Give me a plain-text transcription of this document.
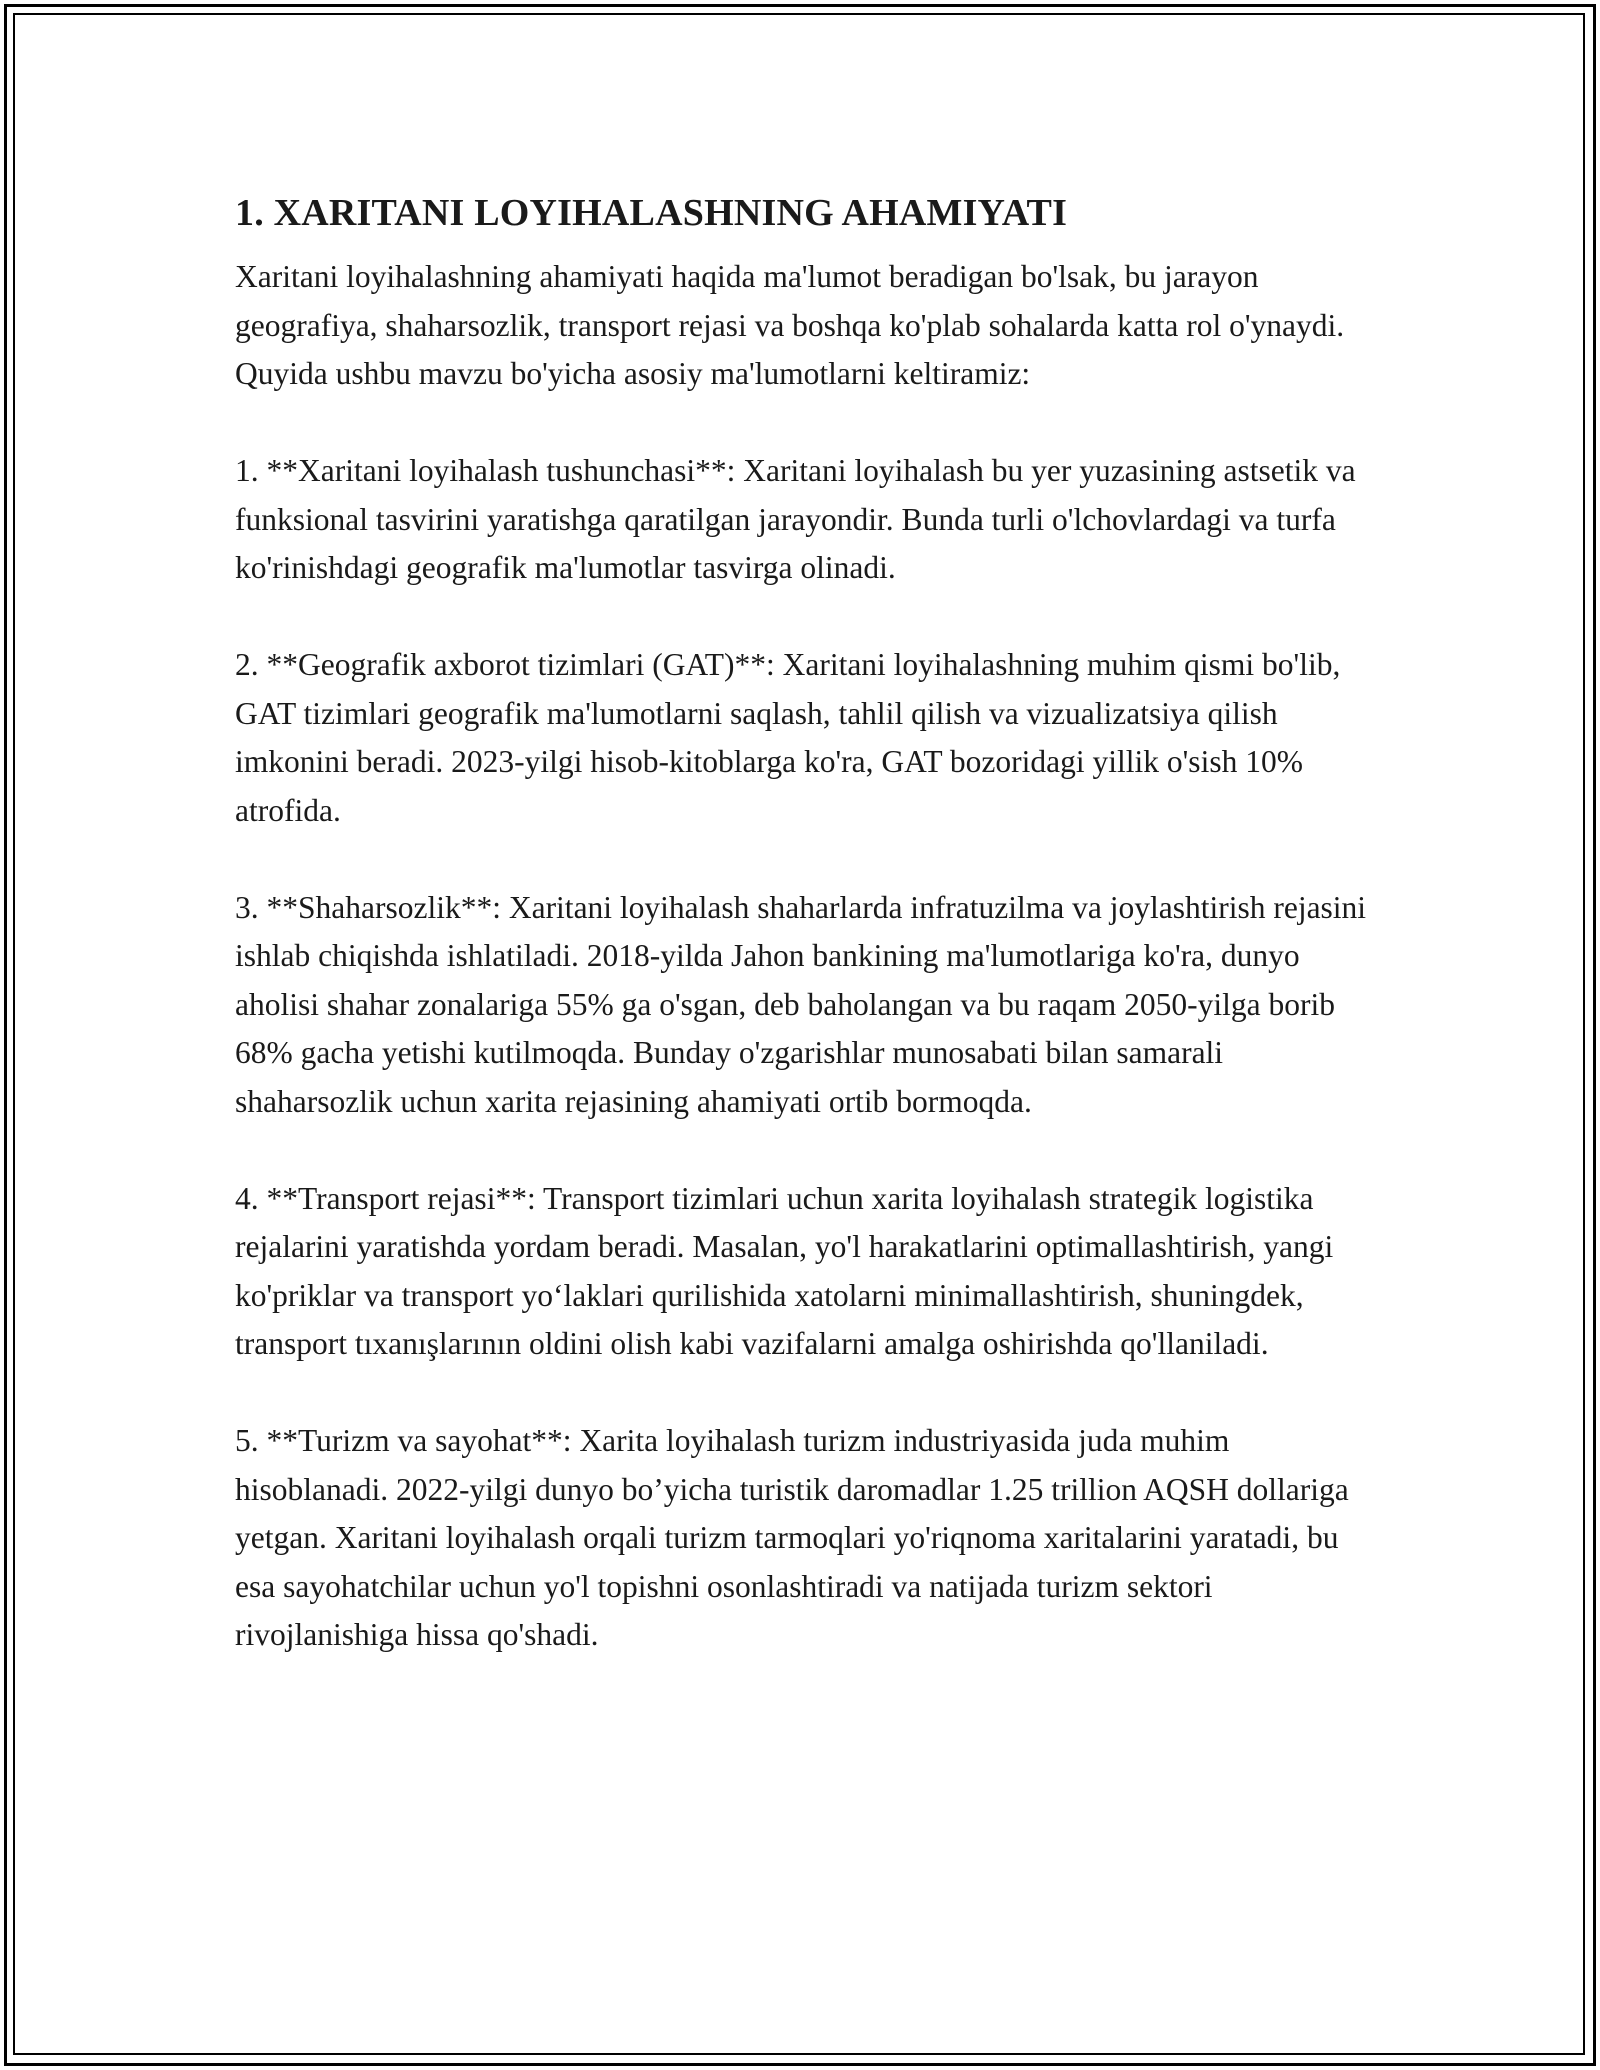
1. XARITANI LOYIHALASHNING AHAMIYATI

Xaritani loyihalashning ahamiyati haqida ma'lumot beradigan bo'lsak, bu jarayon geografiya, shaharsozlik, transport rejasi va boshqa ko'plab sohalarda katta rol o'ynaydi. Quyida ushbu mavzu bo'yicha asosiy ma'lumotlarni keltiramiz:

1. **Xaritani loyihalash tushunchasi**: Xaritani loyihalash bu yer yuzasining astsetik va funksional tasvirini yaratishga qaratilgan jarayondir. Bunda turli o'lchovlardagi va turfa ko'rinishdagi geografik ma'lumotlar tasvirga olinadi.

2. **Geografik axborot tizimlari (GAT)**: Xaritani loyihalashning muhim qismi bo'lib, GAT tizimlari geografik ma'lumotlarni saqlash, tahlil qilish va vizualizatsiya qilish imkonini beradi. 2023-yilgi hisob-kitoblarga ko'ra, GAT bozoridagi yillik o'sish 10% atrofida.

3. **Shaharsozlik**: Xaritani loyihalash shaharlarda infratuzilma va joylashtirish rejasini ishlab chiqishda ishlatiladi. 2018-yilda Jahon bankining ma'lumotlariga ko'ra, dunyo aholisi shahar zonalariga 55% ga o'sgan, deb baholangan va bu raqam 2050-yilga borib 68% gacha yetishi kutilmoqda. Bunday o'zgarishlar munosabati bilan samarali shaharsozlik uchun xarita rejasining ahamiyati ortib bormoqda.

4. **Transport rejasi**: Transport tizimlari uchun xarita loyihalash strategik logistika rejalarini yaratishda yordam beradi. Masalan, yo'l harakatlarini optimallashtirish, yangi ko'priklar va transport yo‘laklari qurilishida xatolarni minimallashtirish, shuningdek, transport tıxanışlarının oldini olish kabi vazifalarni amalga oshirishda qo'llaniladi.

5. **Turizm va sayohat**: Xarita loyihalash turizm industriyasida juda muhim hisoblanadi. 2022-yilgi dunyo bo’yicha turistik daromadlar 1.25 trillion AQSH dollariga yetgan. Xaritani loyihalash orqali turizm tarmoqlari yo'riqnoma xaritalarini yaratadi, bu esa sayohatchilar uchun yo'l topishni osonlashtiradi va natijada turizm sektori rivojlanishiga hissa qo'shadi.
